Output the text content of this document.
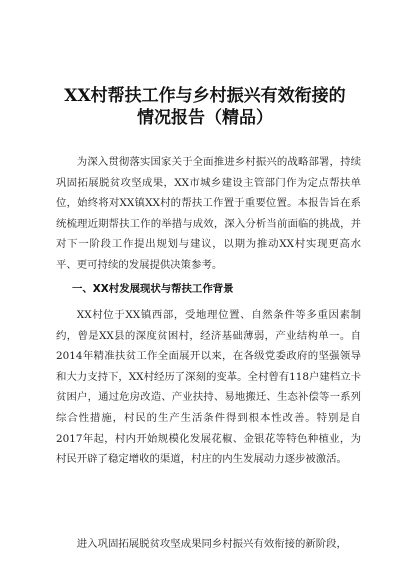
XX村帮扶工作与乡村振兴有效衔接的
情况报告（精品）

为深入贯彻落实国家关于全面推进乡村振兴的战略部署，持续巩固拓展脱贫攻坚成果，XX市城乡建设主管部门作为定点帮扶单位，始终将对XX镇XX村的帮扶工作置于重要位置。本报告旨在系统梳理近期帮扶工作的举措与成效，深入分析当前面临的挑战，并对下一阶段工作提出规划与建议，以期为推动XX村实现更高水平、更可持续的发展提供决策参考。

一、XX村发展现状与帮扶工作背景

XX村位于XX镇西部，受地理位置、自然条件等多重因素制约，曾是XX县的深度贫困村，经济基础薄弱，产业结构单一。自2014年精准扶贫工作全面展开以来，在各级党委政府的坚强领导和大力支持下，XX村经历了深刻的变革。全村曾有118户建档立卡贫困户，通过危房改造、产业扶持、易地搬迁、生态补偿等一系列综合性措施，村民的生产生活条件得到根本性改善。特别是自2017年起，村内开始规模化发展花椒、金银花等特色种植业，为村民开辟了稳定增收的渠道，村庄的内生发展动力逐步被激活。

进入巩固拓展脱贫攻坚成果同乡村振兴有效衔接的新阶段，
